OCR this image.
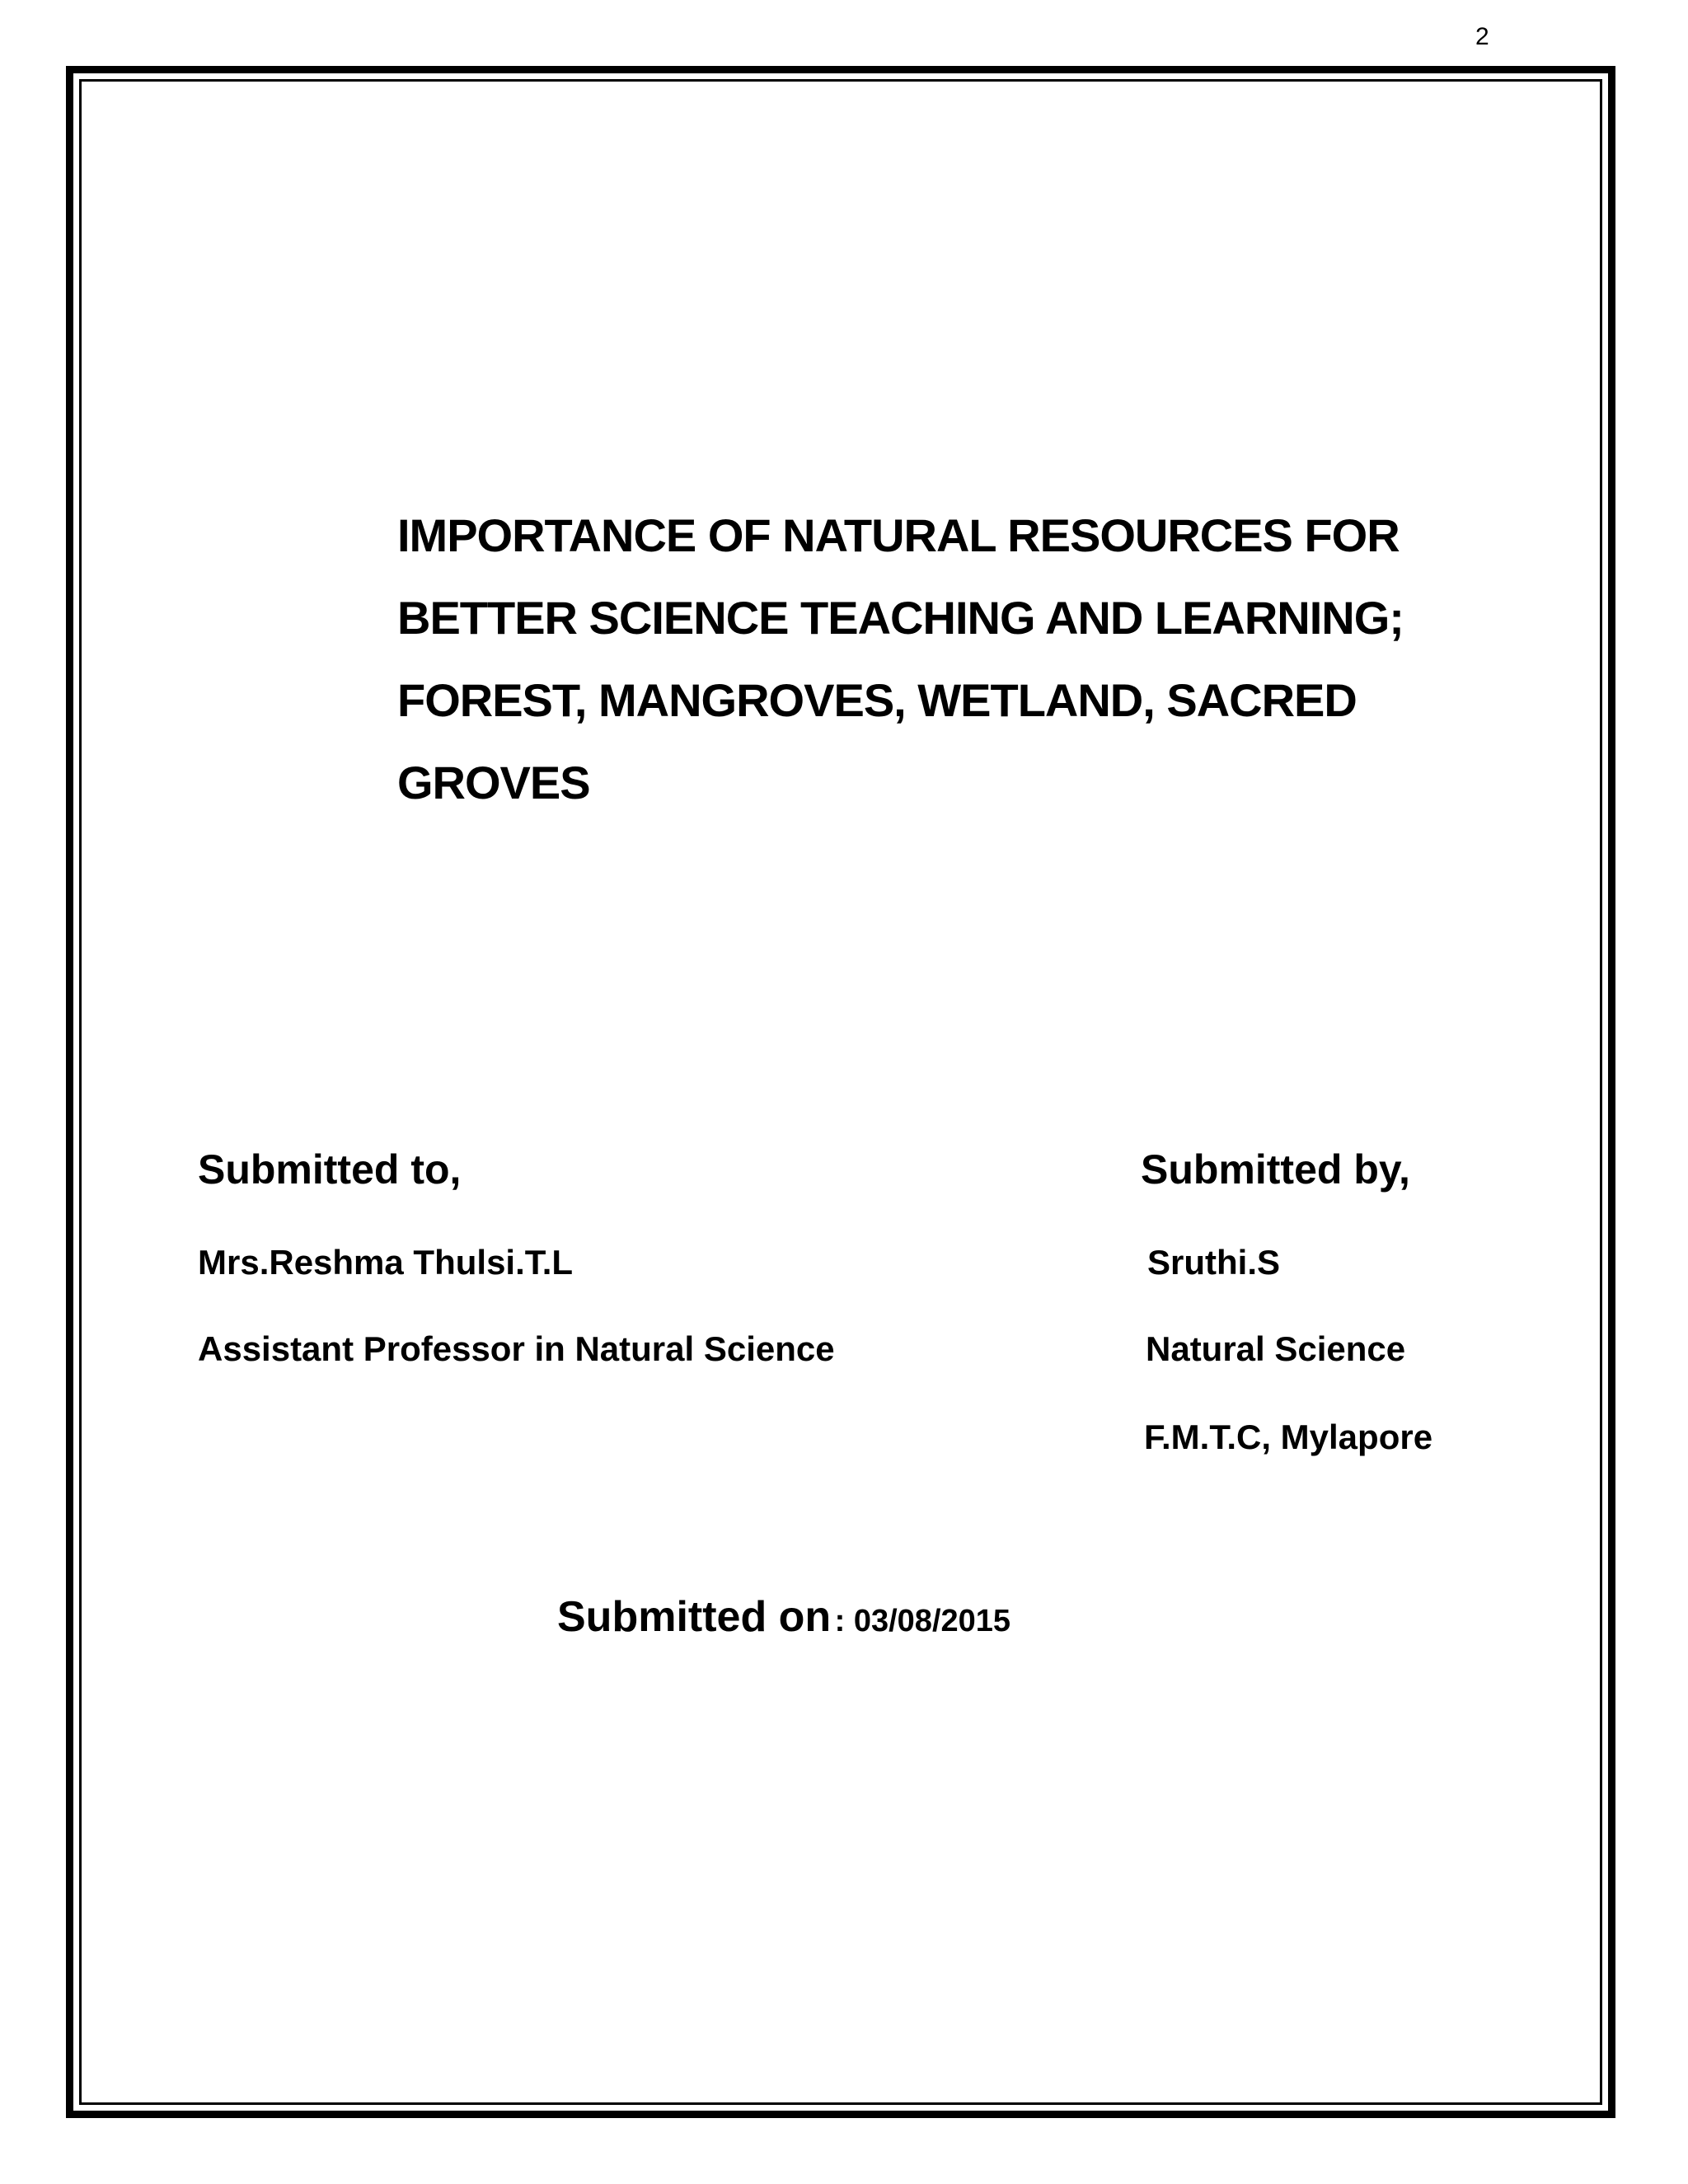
2
IMPORTANCE OF NATURAL RESOURCES FOR
BETTER SCIENCE TEACHING AND LEARNING;
FOREST, MANGROVES, WETLAND, SACRED
GROVES
Submitted to,
Mrs.Reshma Thulsi.T.L
Assistant Professor in Natural Science
Submitted by,
Sruthi.S
Natural Science
F.M.T.C, Mylapore
Submitted on : 03/08/2015
